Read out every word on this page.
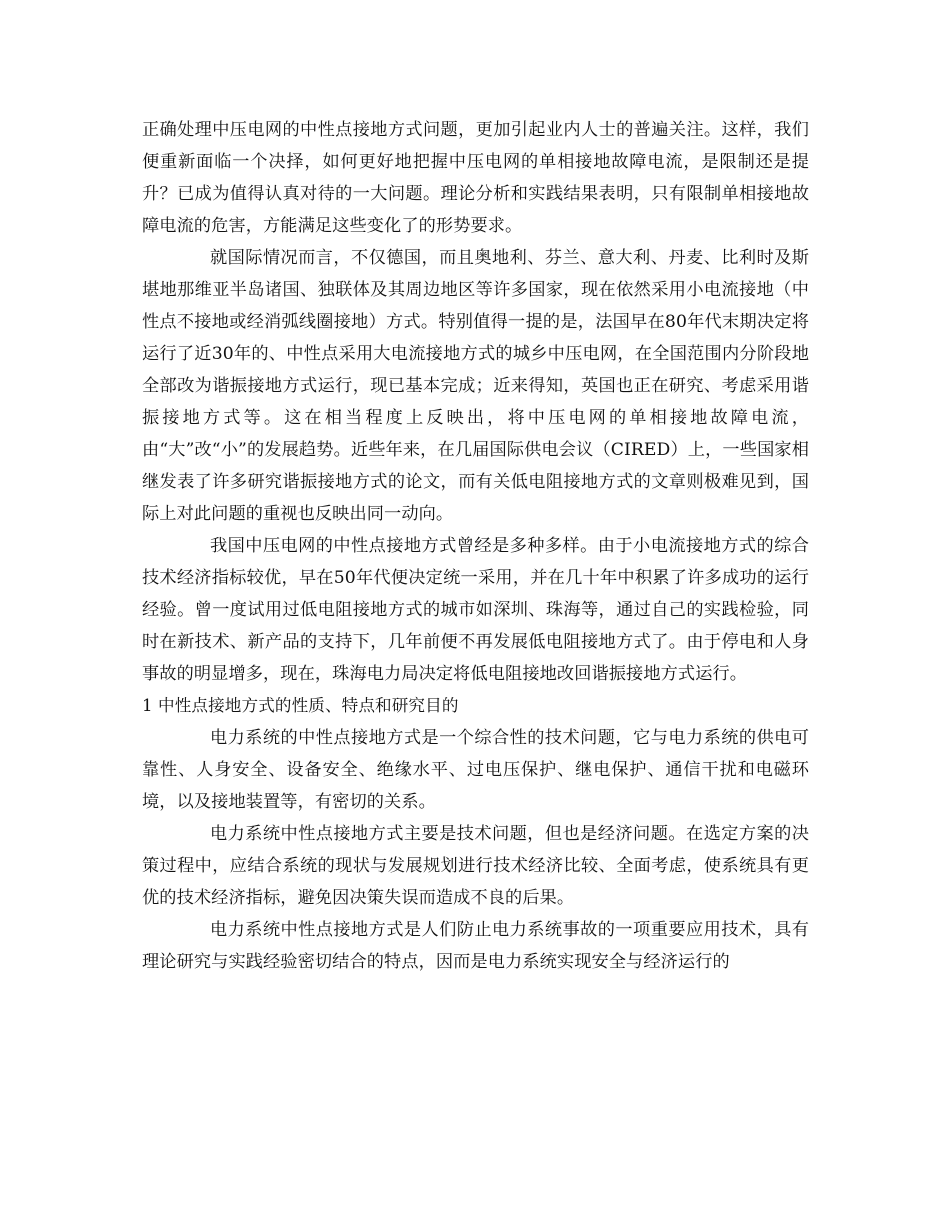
正确处理中压电网的中性点接地方式问题，更加引起业内人士的普遍关注。这样，我们便重新面临一个决择，如何更好地把握中压电网的单相接地故障电流，是限制还是提升？已成为值得认真对待的一大问题。理论分析和实践结果表明，只有限制单相接地故障电流的危害，方能满足这些变化了的形势要求。

就国际情况而言，不仅德国，而且奥地利、芬兰、意大利、丹麦、比利时及斯堪地那维亚半岛诸国、独联体及其周边地区等许多国家，现在依然采用小电流接地（中性点不接地或经消弧线圈接地）方式。特别值得一提的是，法国早在80年代末期决定将运行了近30年的、中性点采用大电流接地方式的城乡中压电网，在全国范围内分阶段地全部改为谐振接地方式运行，现已基本完成；近来得知，英国也正在研究、考虑采用谐振接地方式等。这在相当程度上反映出，将中压电网的单相接地故障电流，由“大”改“小”的发展趋势。近些年来，在几届国际供电会议（CIRED）上，一些国家相继发表了许多研究谐振接地方式的论文，而有关低电阻接地方式的文章则极难见到，国际上对此问题的重视也反映出同一动向。

我国中压电网的中性点接地方式曾经是多种多样。由于小电流接地方式的综合技术经济指标较优，早在50年代便决定统一采用，并在几十年中积累了许多成功的运行经验。曾一度试用过低电阻接地方式的城市如深圳、珠海等，通过自己的实践检验，同时在新技术、新产品的支持下，几年前便不再发展低电阻接地方式了。由于停电和人身事故的明显增多，现在，珠海电力局决定将低电阻接地改回谐振接地方式运行。

1 中性点接地方式的性质、特点和研究目的

电力系统的中性点接地方式是一个综合性的技术问题，它与电力系统的供电可靠性、人身安全、设备安全、绝缘水平、过电压保护、继电保护、通信干扰和电磁环境，以及接地装置等，有密切的关系。

电力系统中性点接地方式主要是技术问题，但也是经济问题。在选定方案的决策过程中，应结合系统的现状与发展规划进行技术经济比较、全面考虑，使系统具有更优的技术经济指标，避免因决策失误而造成不良的后果。

电力系统中性点接地方式是人们防止电力系统事故的一项重要应用技术，具有理论研究与实践经验密切结合的特点，因而是电力系统实现安全与经济运行的
